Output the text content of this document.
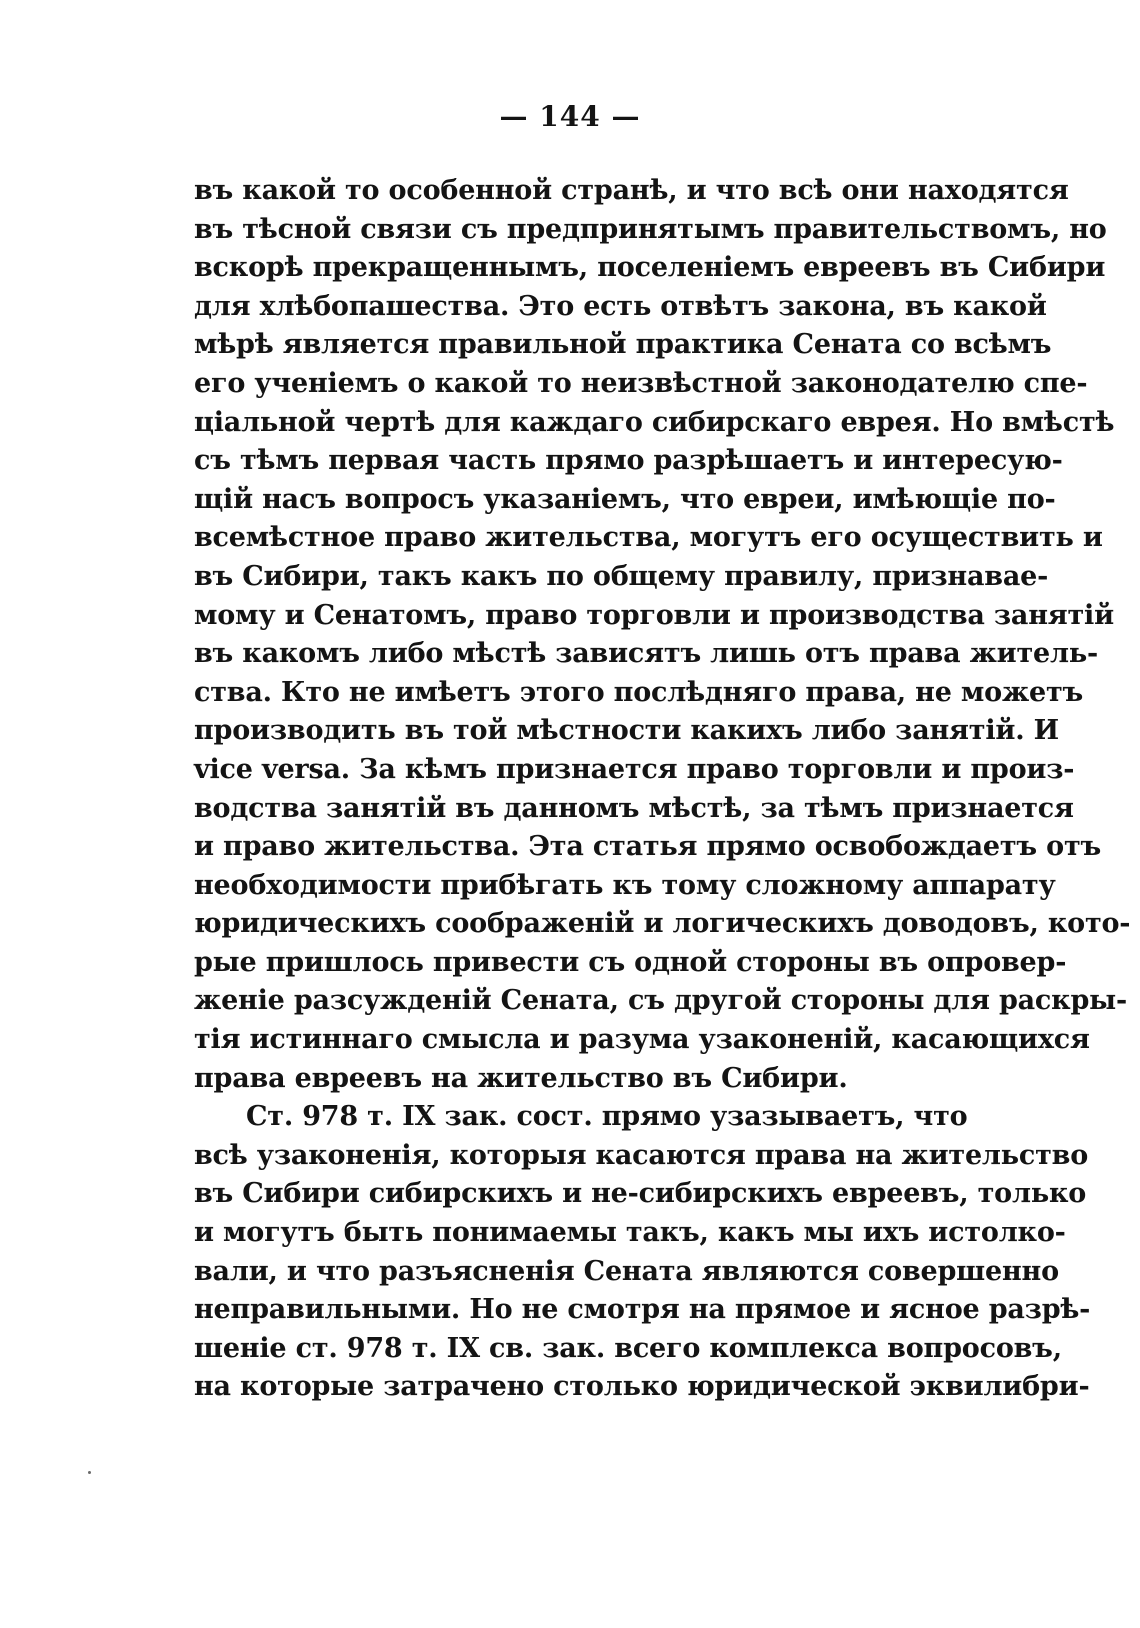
— 144 —
въ какой то особенной странѣ, и что всѣ они находятся
въ тѣсной связи съ предпринятымъ правительствомъ, но
вскорѣ прекращеннымъ, поселеніемъ евреевъ въ Сибири
для хлѣбопашества. Это есть отвѣтъ закона, въ какой
мѣрѣ является правильной практика Сената со всѣмъ
его ученіемъ о какой то неизвѣстной законодателю спе-
ціальной чертѣ для каждаго сибирскаго еврея. Но вмѣстѣ
съ тѣмъ первая часть прямо разрѣшаетъ и интересую-
щій насъ вопросъ указаніемъ, что евреи, имѣющіе по-
всемѣстное право жительства, могутъ его осуществить и
въ Сибири, такъ какъ по общему правилу, признавае-
мому и Сенатомъ, право торговли и производства занятій
въ какомъ либо мѣстѣ зависятъ лишь отъ права житель-
ства. Кто не имѣетъ этого послѣдняго права, не можетъ
производить въ той мѣстности какихъ либо занятій. И
vice versa. За кѣмъ признается право торговли и произ-
водства занятій въ данномъ мѣстѣ, за тѣмъ признается
и право жительства. Эта статья прямо освобождаетъ отъ
необходимости прибѣгать къ тому сложному аппарату
юридическихъ соображеній и логическихъ доводовъ, кото-
рые пришлось привести съ одной стороны въ опровер-
женіе разсужденій Сената, съ другой стороны для раскры-
тія истиннаго смысла и разума узаконеній, касающихся
права евреевъ на жительство въ Сибири.
Ст. 978 т. IX зак. сост. прямо узазываетъ, что
всѣ узаконенія, которыя касаются права на жительство
въ Сибири сибирскихъ и не-сибирскихъ евреевъ, только
и могутъ быть понимаемы такъ, какъ мы ихъ истолко-
вали, и что разъясненія Сената являются совершенно
неправильными. Но не смотря на прямое и ясное разрѣ-
шеніе ст. 978 т. IX св. зак. всего комплекса вопросовъ,
на которые затрачено столько юридической эквилибри-
